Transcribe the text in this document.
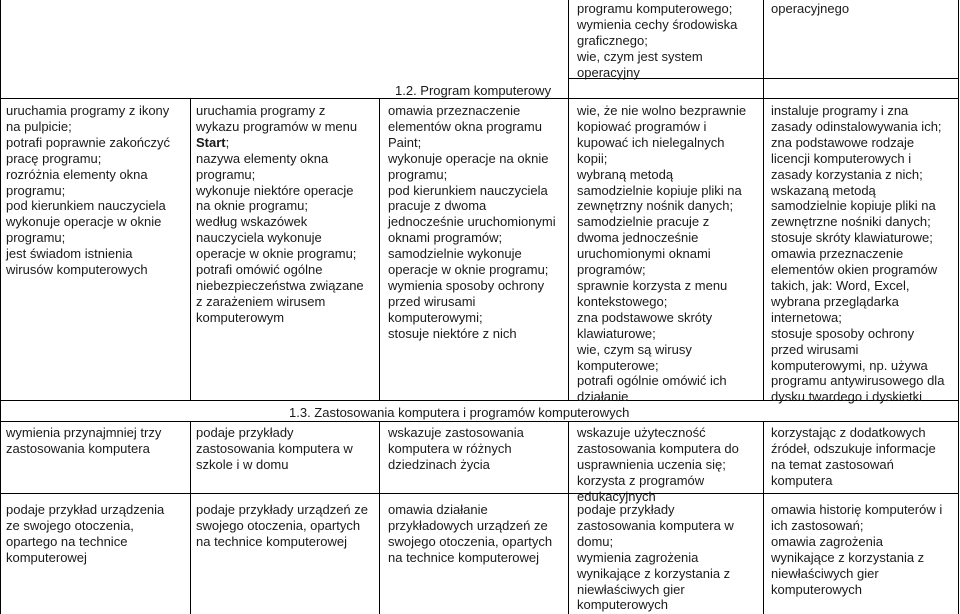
programu komputerowego;
wymienia cechy środowiska
graficznego;
wie, czym jest system
operacyjny
operacyjnego
1.2. Program komputerowy
1.3. Zastosowania komputera i programów komputerowych
uruchamia programy z ikony
na pulpicie;
potrafi poprawnie zakończyć
pracę programu;
rozróżnia elementy okna
programu;
pod kierunkiem nauczyciela
wykonuje operacje w oknie
programu;
jest świadom istnienia
wirusów komputerowych
uruchamia programy z
wykazu programów w menu
Start;
nazywa elementy okna
programu;
wykonuje niektóre operacje
na oknie programu;
według wskazówek
nauczyciela wykonuje
operacje w oknie programu;
potrafi omówić ogólne
niebezpieczeństwa związane
z zarażeniem wirusem
komputerowym
omawia przeznaczenie
elementów okna programu
Paint;
wykonuje operacje na oknie
programu;
pod kierunkiem nauczyciela
pracuje z dwoma
jednocześnie uruchomionymi
oknami programów;
samodzielnie wykonuje
operacje w oknie programu;
wymienia sposoby ochrony
przed wirusami
komputerowymi;
stosuje niektóre z nich
wie, że nie wolno bezprawnie
kopiować programów i
kupować ich nielegalnych
kopii;
wybraną metodą
samodzielnie kopiuje pliki na
zewnętrzny nośnik danych;
samodzielnie pracuje z
dwoma jednocześnie
uruchomionymi oknami
programów;
sprawnie korzysta z menu
kontekstowego;
zna podstawowe skróty
klawiaturowe;
wie, czym są wirusy
komputerowe;
potrafi ogólnie omówić ich
działanie
instaluje programy i zna
zasady odinstalowywania ich;
zna podstawowe rodzaje
licencji komputerowych i
zasady korzystania z nich;
wskazaną metodą
samodzielnie kopiuje pliki na
zewnętrzne nośniki danych;
stosuje skróty klawiaturowe;
omawia przeznaczenie
elementów okien programów
takich, jak: Word, Excel,
wybrana przeglądarka
internetowa;
stosuje sposoby ochrony
przed wirusami
komputerowymi, np. używa
programu antywirusowego dla
dysku twardego i dyskietki
wymienia przynajmniej trzy
zastosowania komputera
podaje przykłady
zastosowania komputera w
szkole i w domu
wskazuje zastosowania
komputera w różnych
dziedzinach życia
wskazuje użyteczność
zastosowania komputera do
usprawnienia uczenia się;
korzysta z programów
edukacyjnych
korzystając z dodatkowych
źródeł, odszukuje informacje
na temat zastosowań
komputera
podaje przykład urządzenia
ze swojego otoczenia,
opartego na technice
komputerowej
podaje przykłady urządzeń ze
swojego otoczenia, opartych
na technice komputerowej
omawia działanie
przykładowych urządzeń ze
swojego otoczenia, opartych
na technice komputerowej
podaje przykłady
zastosowania komputera w
domu;
wymienia zagrożenia
wynikające z korzystania z
niewłaściwych gier
komputerowych
omawia historię komputerów i
ich zastosowań;
omawia zagrożenia
wynikające z korzystania z
niewłaściwych gier
komputerowych
